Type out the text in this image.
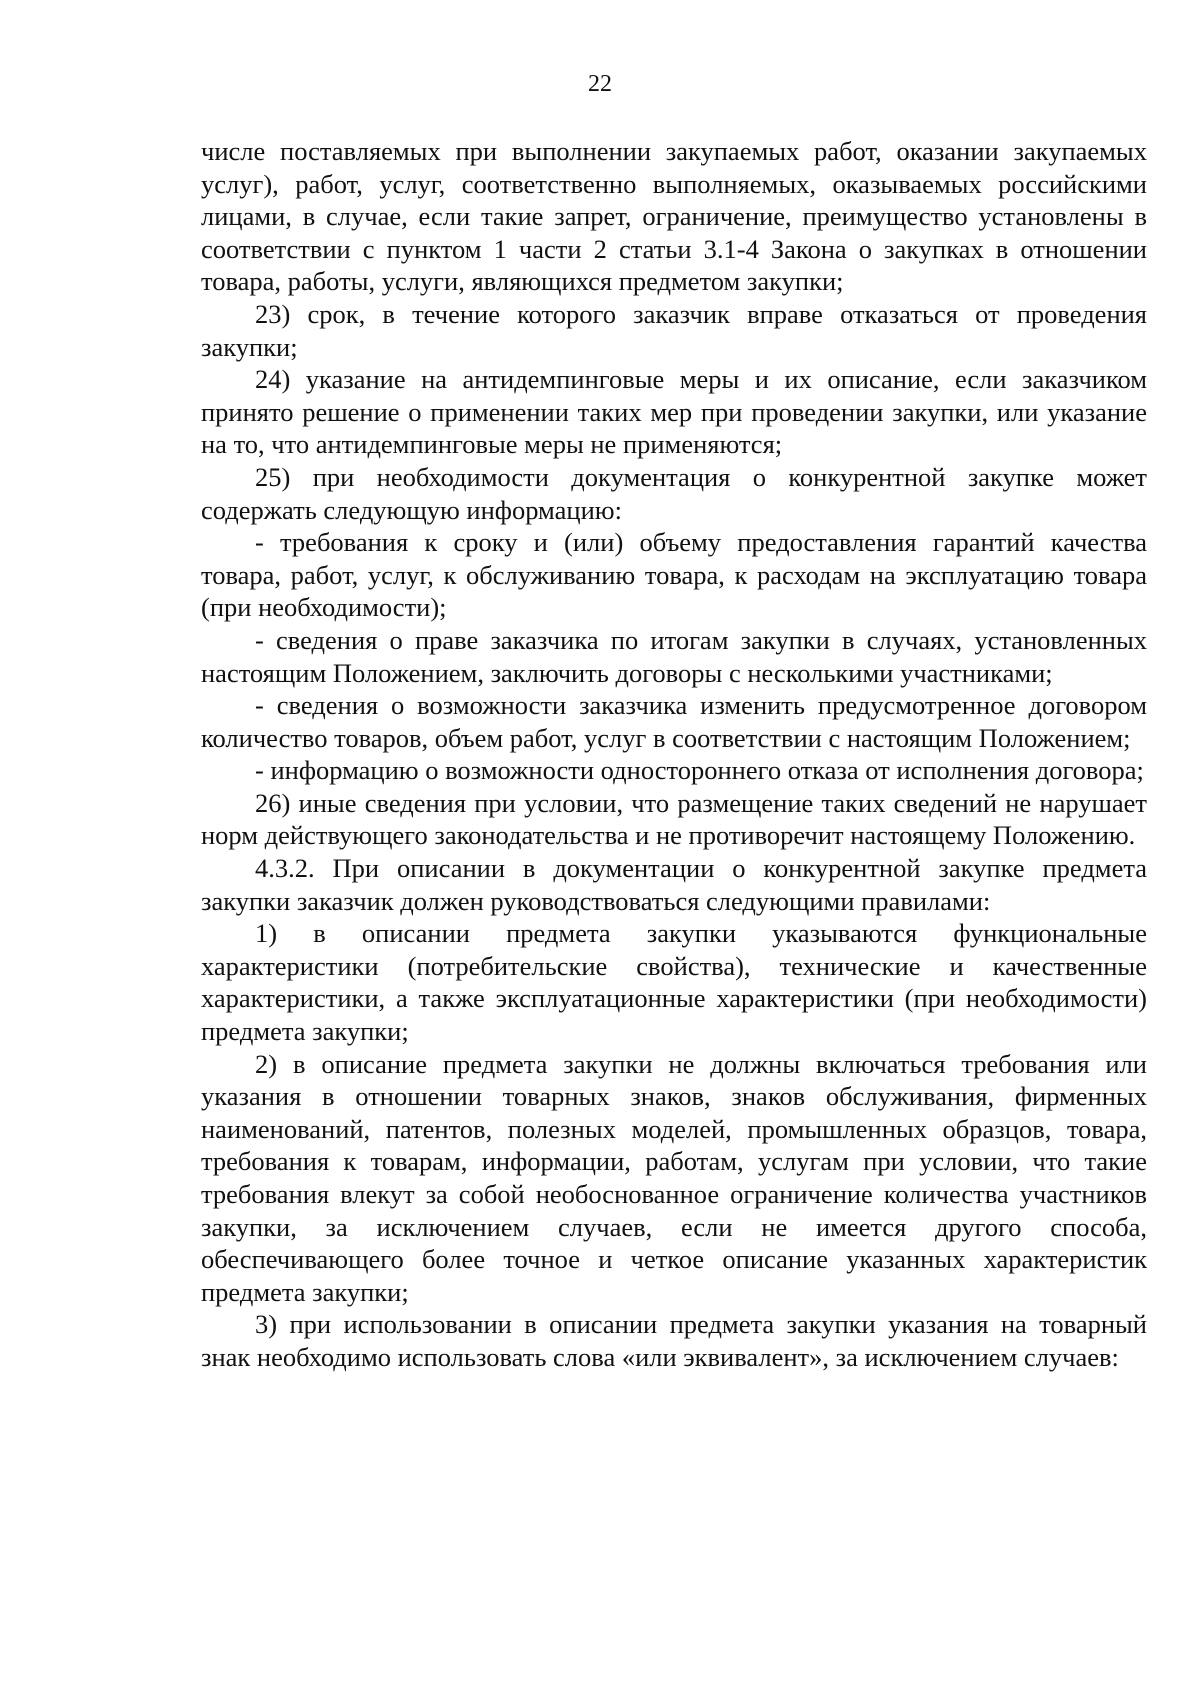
22

числе поставляемых при выполнении закупаемых работ, оказании закупаемых услуг), работ, услуг, соответственно выполняемых, оказываемых российскими лицами, в случае, если такие запрет, ограничение, преимущество установлены в соответствии с пунктом 1 части 2 статьи 3.1-4 Закона о закупках в отношении товара, работы, услуги, являющихся предметом закупки;

23) срок, в течение которого заказчик вправе отказаться от проведения закупки;

24) указание на антидемпинговые меры и их описание, если заказчиком принято решение о применении таких мер при проведении закупки, или указание на то, что антидемпинговые меры не применяются;

25) при необходимости документация о конкурентной закупке может содержать следующую информацию:

- требования к сроку и (или) объему предоставления гарантий качества товара, работ, услуг, к обслуживанию товара, к расходам на эксплуатацию товара (при необходимости);

- сведения о праве заказчика по итогам закупки в случаях, установленных настоящим Положением, заключить договоры с несколькими участниками;

- сведения о возможности заказчика изменить предусмотренное договором количество товаров, объем работ, услуг в соответствии с настоящим Положением;

- информацию о возможности одностороннего отказа от исполнения договора;

26) иные сведения при условии, что размещение таких сведений не нарушает норм действующего законодательства и не противоречит настоящему Положению.

4.3.2. При описании в документации о конкурентной закупке предмета закупки заказчик должен руководствоваться следующими правилами:

1) в описании предмета закупки указываются функциональные характеристики (потребительские свойства), технические и качественные характеристики, а также эксплуатационные характеристики (при необходимости) предмета закупки;

2) в описание предмета закупки не должны включаться требования или указания в отношении товарных знаков, знаков обслуживания, фирменных наименований, патентов, полезных моделей, промышленных образцов, товара, требования к товарам, информации, работам, услугам при условии, что такие требования влекут за собой необоснованное ограничение количества участников закупки, за исключением случаев, если не имеется другого способа, обеспечивающего более точное и четкое описание указанных характеристик предмета закупки;

3) при использовании в описании предмета закупки указания на товарный знак необходимо использовать слова «или эквивалент», за исключением случаев:
